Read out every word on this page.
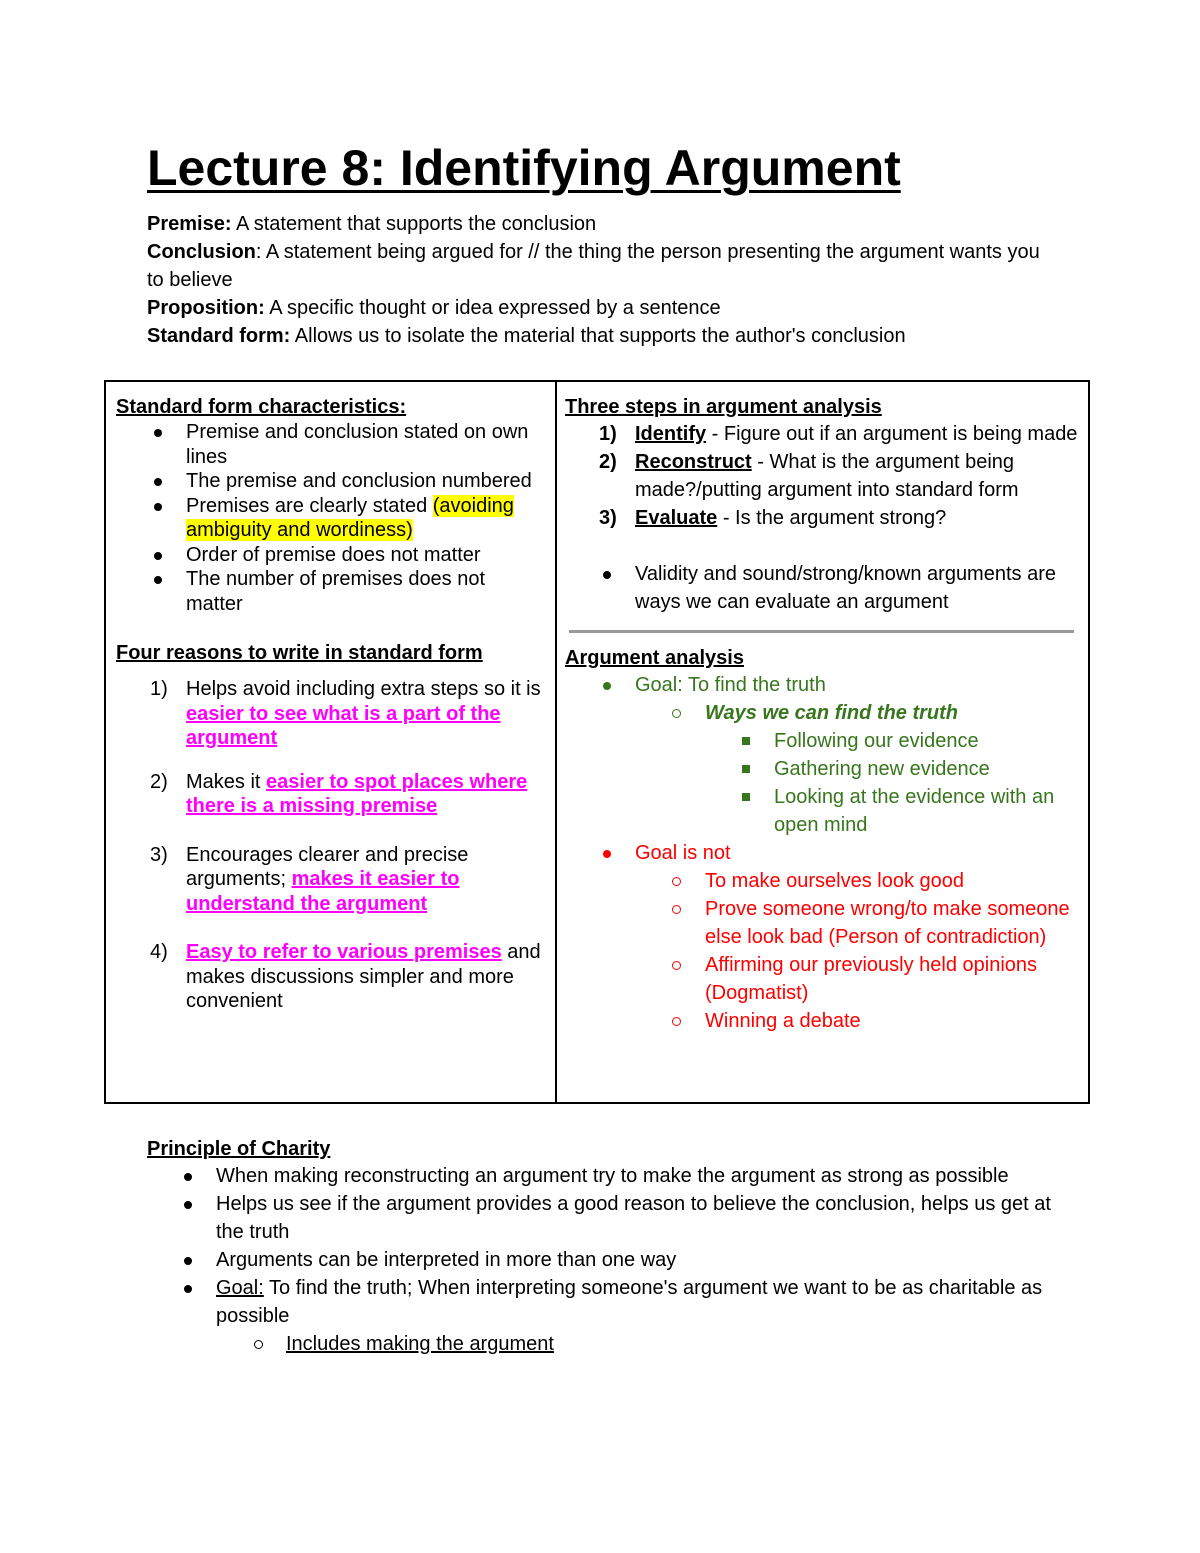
Lecture 8: Identifying Argument

Premise: A statement that supports the conclusion

Conclusion: A statement being argued for // the thing the person presenting the argument wants you to believe

Proposition: A specific thought or idea expressed by a sentence

Standard form: Allows us to isolate the material that supports the author's conclusion

Standard form characteristics:

Premise and conclusion stated on own lines
The premise and conclusion numbered
Premises are clearly stated (avoiding ambiguity and wordiness)
Order of premise does not matter
The number of premises does not matter

Four reasons to write in standard form

1) Helps avoid including extra steps so it is easier to see what is a part of the argument
2) Makes it easier to spot places where there is a missing premise
3) Encourages clearer and precise arguments; makes it easier to understand the argument
4) Easy to refer to various premises and makes discussions simpler and more convenient

Three steps in argument analysis

1) Identify - Figure out if an argument is being made
2) Reconstruct - What is the argument being made?/putting argument into standard form
3) Evaluate - Is the argument strong?
Validity and sound/strong/known arguments are ways we can evaluate an argument

Argument analysis

Goal: To find the truth
Ways we can find the truth
Following our evidence
Gathering new evidence
Looking at the evidence with an open mind
Goal is not
To make ourselves look good
Prove someone wrong/to make someone else look bad (Person of contradiction)
Affirming our previously held opinions (Dogmatist)
Winning a debate

Principle of Charity

When making reconstructing an argument try to make the argument as strong as possible
Helps us see if the argument provides a good reason to believe the conclusion, helps us get at the truth
Arguments can be interpreted in more than one way
Goal: To find the truth; When interpreting someone's argument we want to be as charitable as possible
Includes making the argument
